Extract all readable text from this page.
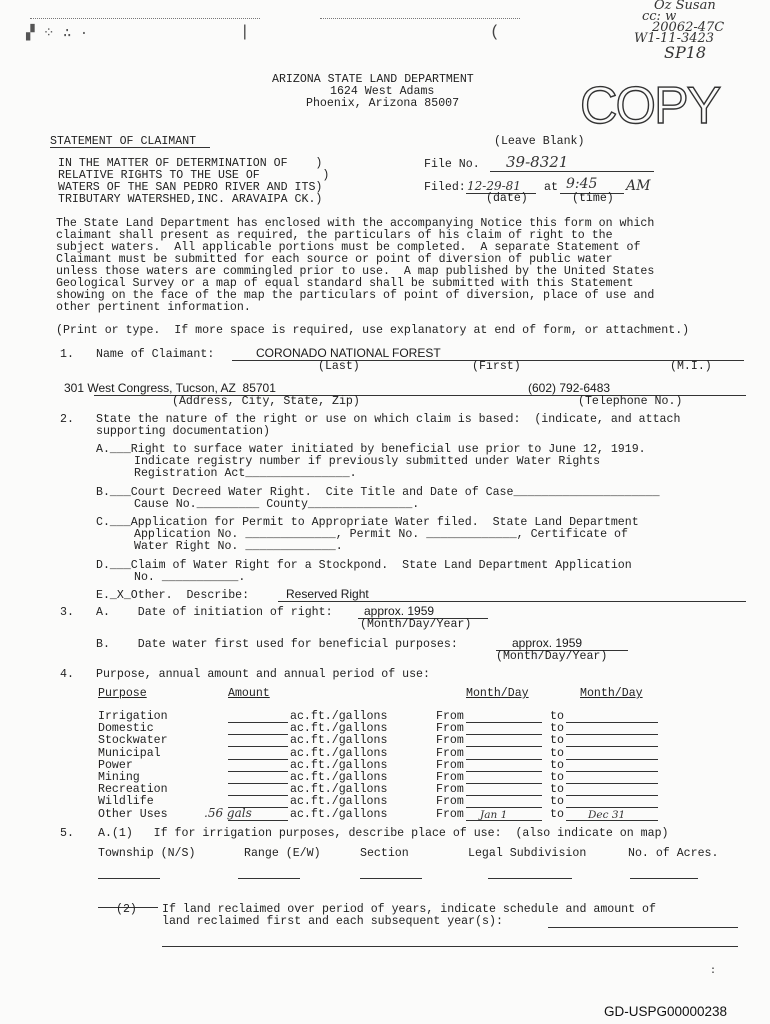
▞ ⁘ ∴ ·	|	(
Oz Susan
cc: w
20062-47C
W1-11-3423
SP18
ARIZONA STATE LAND DEPARTMENT
1624 West Adams
Phoenix, Arizona 85007
STATEMENT OF CLAIMANT	(Leave Blank)
COPY
IN THE MATTER OF DETERMINATION OF    )
RELATIVE RIGHTS TO THE USE OF         )
WATERS OF THE SAN PEDRO RIVER AND ITS)
TRIBUTARY WATERSHED,INC. ARAVAIPA CK.)
File No. 39-8321
Filed: 12-29-81 at 9:45 AM
(date)	(time)
The State Land Department has enclosed with the accompanying Notice this form on which
claimant shall present as required, the particulars of his claim of right to the
subject waters.  All applicable portions must be completed.  A separate Statement of
Claimant must be submitted for each source or point of diversion of public water
unless those waters are commingled prior to use.  A map published by the United States
Geological Survey or a map of equal standard shall be submitted with this Statement
showing on the face of the map the particulars of point of diversion, place of use and
other pertinent information.
(Print or type.  If more space is required, use explanatory at end of form, or attachment.)
1. Name of Claimant:	CORONADO NATIONAL FOREST
(Last)	(First)	(M.I.)
301 West Congress, Tucson, AZ  85701	(602) 792-6483
(Address, City, State, Zip)	(Telephone No.)
2. State the nature of the right or use on which claim is based:  (indicate, and attach
supporting documentation)
A.___Right to surface water initiated by beneficial use prior to June 12, 1919.
Indicate registry number if previously submitted under Water Rights
Registration Act_______________.
B.___Court Decreed Water Right.  Cite Title and Date of Case_____________________
Cause No._________ County_______________.
C.___Application for Permit to Appropriate Water filed.  State Land Department
Application No. _____________, Permit No. _____________, Certificate of
Water Right No. _____________.
D.___Claim of Water Right for a Stockpond.  State Land Department Application
No. ___________.
E._X_Other.  Describe:	Reserved Right
3. A.    Date of initiation of right:	approx. 1959
(Month/Day/Year)
B.    Date water first used for beneficial purposes:	approx. 1959
(Month/Day/Year)
4. Purpose, annual amount and annual period of use:
Purpose	Amount	Month/Day	Month/Day
Irrigation	ac.ft./gallons	From	to
Domestic	ac.ft./gallons	From	to
Stockwater	ac.ft./gallons	From	to
Municipal	ac.ft./gallons	From	to
Power	ac.ft./gallons	From	to
Mining	ac.ft./gallons	From	to
Recreation	ac.ft./gallons	From	to
Wildlife	ac.ft./gallons	From	to
Other Uses	.56 gals	ac.ft./gallons	From Jan 1	to Dec 31
5. A.(1)   If for irrigation purposes, describe place of use:  (also indicate on map)
Township (N/S)	Range (E/W)	Section	Legal Subdivision	No. of Acres.
(2) If land reclaimed over period of years, indicate schedule and amount of
land reclaimed first and each subsequent year(s):
:
GD-USPG00000238
